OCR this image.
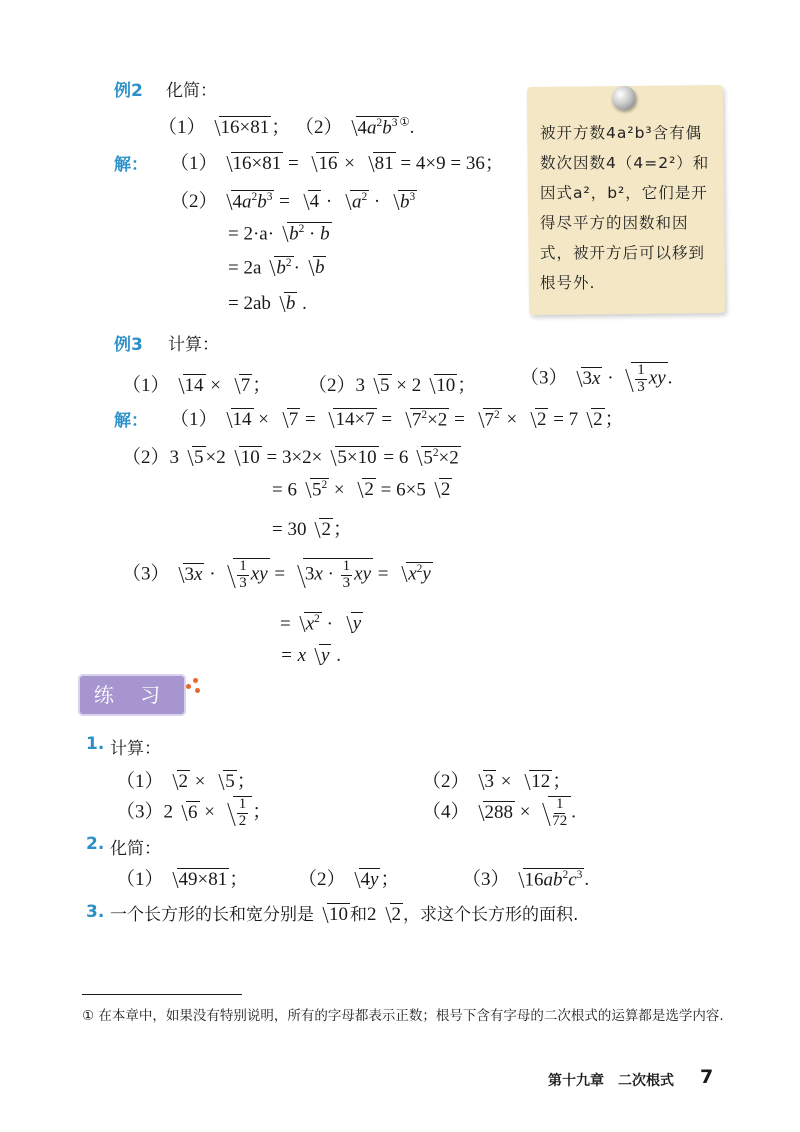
例2 化简：
（1） 16×81 ； （2） $4a^2b^3$ ①.
解： （1） 16×81 = 16 × 81 = 4×9 = 36；
（2） $4a^2b^3 = 4 \cdot a^2 \cdot b^3$
= $2\cdot a\cdot b^2 \cdot b$
= 2a $b^2 \cdot b$
= 2ab b .
被开方数4a²b³含有偶数次因数4（4=2²）和因式a²，b²，它们是开得尽平方的因数和因式，被开方后可以移到根号外.
例3 计算：
（1） 14 × 7 ； （2）3 5 × 2 10 ； （3） $3x \cdot \frac{1}{3}$ xy .
解： （1） $14 \times 7 = 14\times 7 = 7^2\times 2 = 7^2 \times 2 = 7$ 2 ；
（2）3 5 ×2 10 = 3×2× 5×10 = 6 $5^2\times 2$
= 6 $5^2 \times 2 = 6\times 5$ 2
= 30 2 ；
（3） $3x \cdot \frac{1}{3}$ xy = $3x \cdot \frac{1}{3}$ xy = $x^2y$
= $x^2 \cdot y$
= x y .
练 习
1. 计算：
（1） 2 × 5 ；	（2） 3 × 12 ；
（3）2 $6 \times \frac{1}{2}$ ；	（4） $288 \times \frac{1}{72}$ .
2. 化简：
（1） 49×81 ；	（2） 4y ；	（3） $16ab^2c^3$ .
3. 一个长方形的长和宽分别是 10 和2 2 ，求这个长方形的面积.
① 在本章中，如果没有特别说明，所有的字母都表示正数；根号下含有字母的二次根式的运算都是选学内容.
第十九章　二次根式 7
